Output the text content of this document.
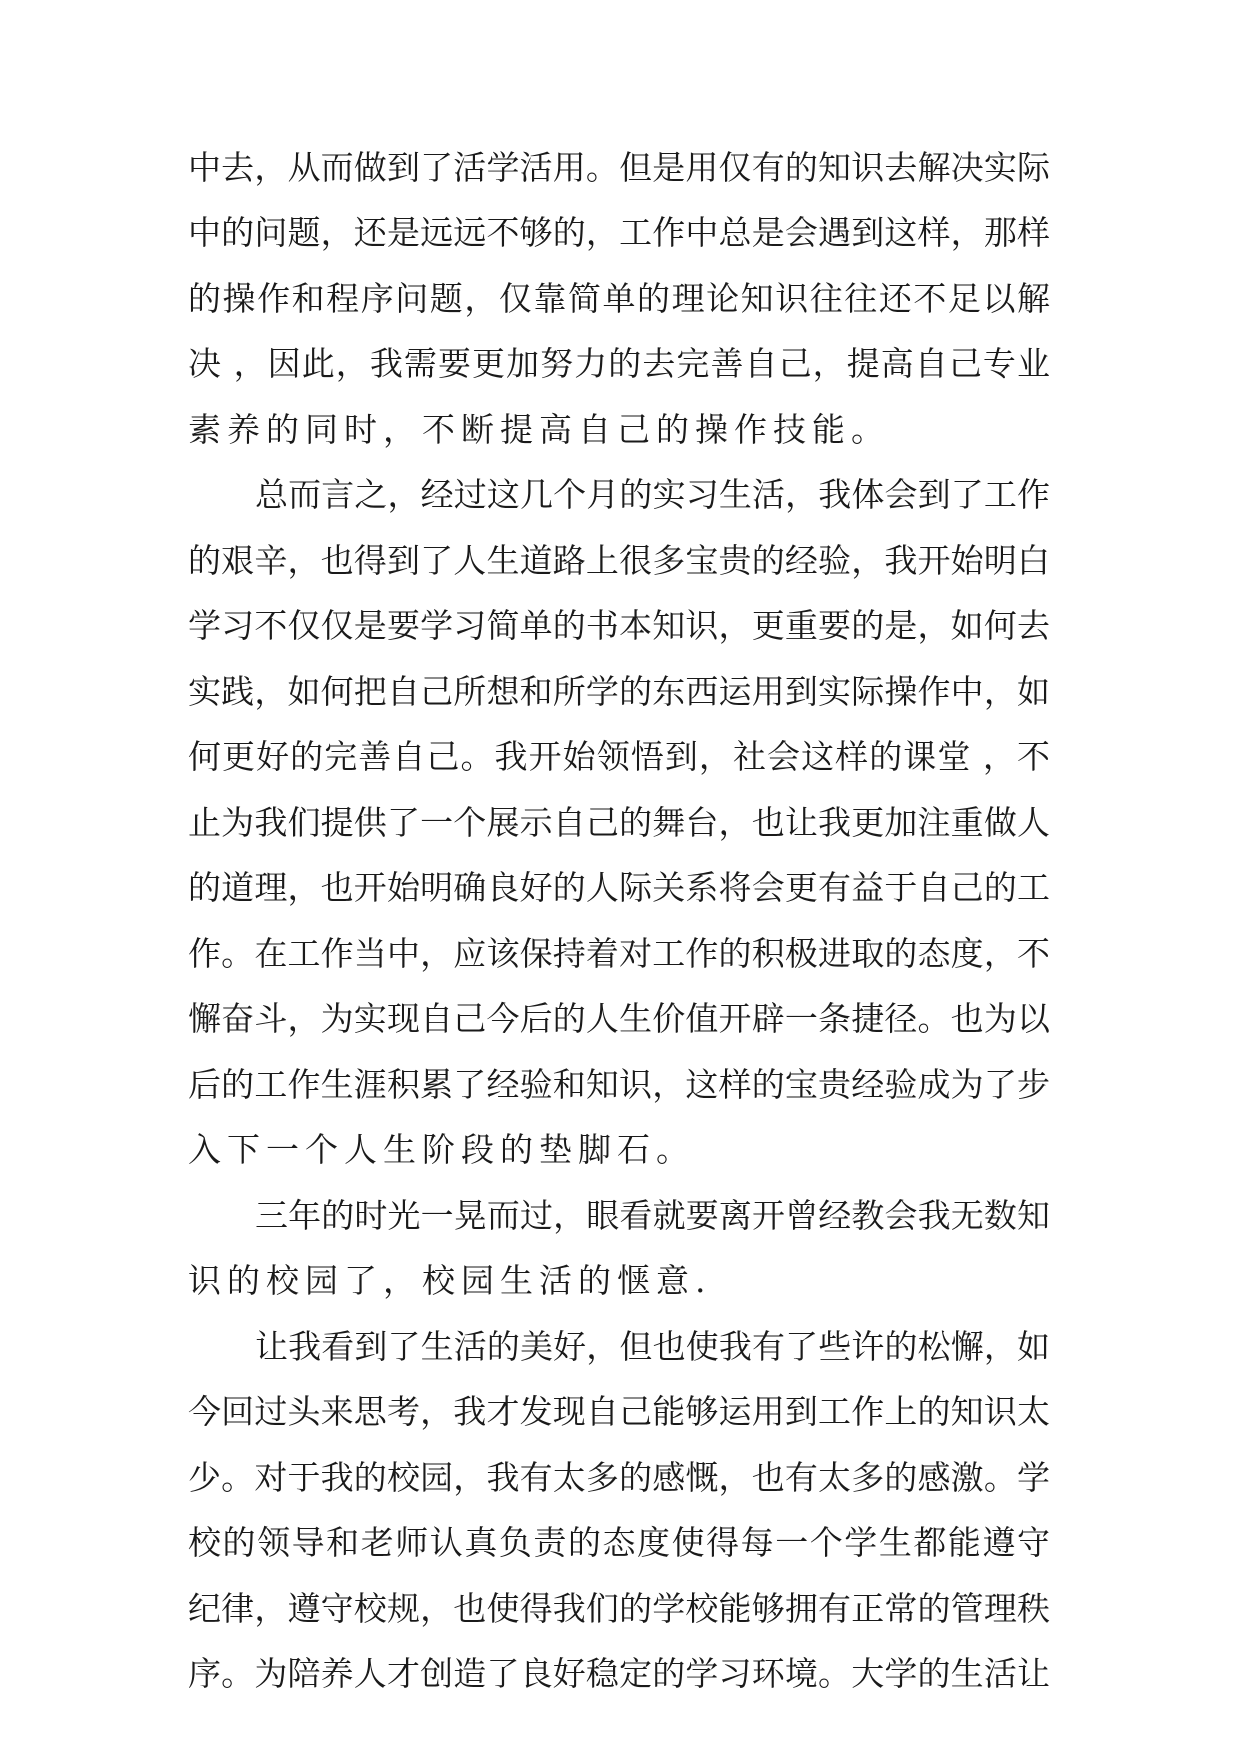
中去，从而做到了活学活用。但是用仅有的知识去解决实际
中的问题，还是远远不够的，工作中总是会遇到这样，那样
的操作和程序问题，仅靠简单的理论知识往往还不足以解
决 ，因此，我需要更加努力的去完善自己，提高自己专业
素养的同时，不断提高自己的操作技能。
总而言之，经过这几个月的实习生活，我体会到了工作
的艰辛，也得到了人生道路上很多宝贵的经验，我开始明白
学习不仅仅是要学习简单的书本知识，更重要的是，如何去
实践，如何把自己所想和所学的东西运用到实际操作中，如
何更好的完善自己。我开始领悟到，社会这样的课堂 ，不
止为我们提供了一个展示自己的舞台，也让我更加注重做人
的道理，也开始明确良好的人际关系将会更有益于自己的工
作。在工作当中，应该保持着对工作的积极进取的态度，不
懈奋斗，为实现自己今后的人生价值开辟一条捷径。也为以
后的工作生涯积累了经验和知识，这样的宝贵经验成为了步
入下一个人生阶段的垫脚石。
三年的时光一晃而过，眼看就要离开曾经教会我无数知
识的校园了，校园生活的惬意.
让我看到了生活的美好，但也使我有了些许的松懈，如
今回过头来思考，我才发现自己能够运用到工作上的知识太
少。对于我的校园，我有太多的感慨，也有太多的感激。学
校的领导和老师认真负责的态度使得每一个学生都能遵守
纪律，遵守校规，也使得我们的学校能够拥有正常的管理秩
序。为陪养人才创造了良好稳定的学习环境。大学的生活让
